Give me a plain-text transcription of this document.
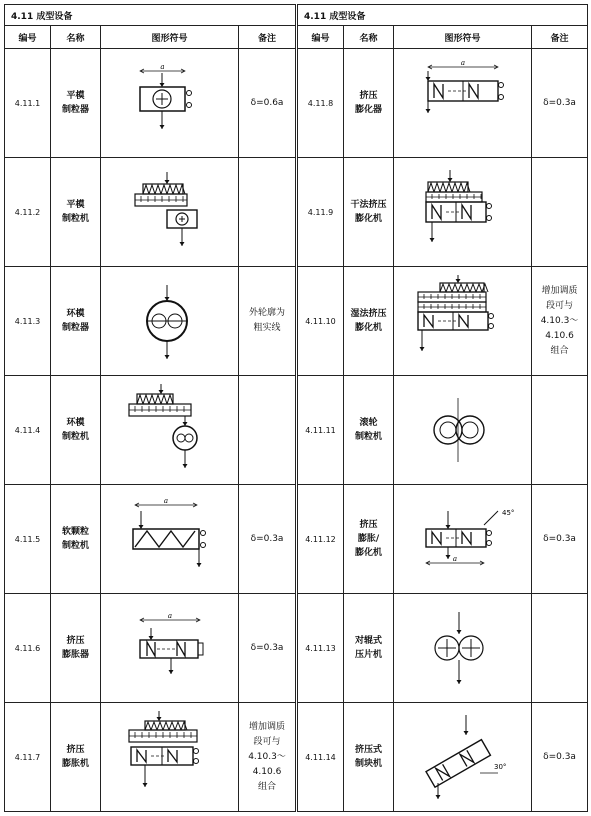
4.11 成型设备			
编号	名称	图形符号	备注
4.11.1	平模
制粒器	a	δ=0.6a

4.11.2	平模
制粒机

4.11.3	环模
制粒器		外轮廓为
粗实线

4.11.4	环模
制粒机

4.11.5	软颗粒
制粒机	a	δ=0.3a

4.11.6	挤压
膨胀器	a	δ=0.3a

4.11.7	挤压
膨胀机		增加调质
段可与
4.10.3～
4.10.6
组合
4.11 成型设备			
编号	名称	图形符号	备注
4.11.8	挤压
膨化器	a	δ=0.3a

4.11.9	干法挤压
膨化机

4.11.10	湿法挤压
膨化机		增加调质
段可与
4.10.3～
4.10.6
组合

4.11.11	滚轮
制粒机

4.11.12	挤压
膨胀/
膨化机	45°
a	δ=0.3a

4.11.13	对辊式
压片机

4.11.14	挤压式
制块机	30°	δ=0.3a
